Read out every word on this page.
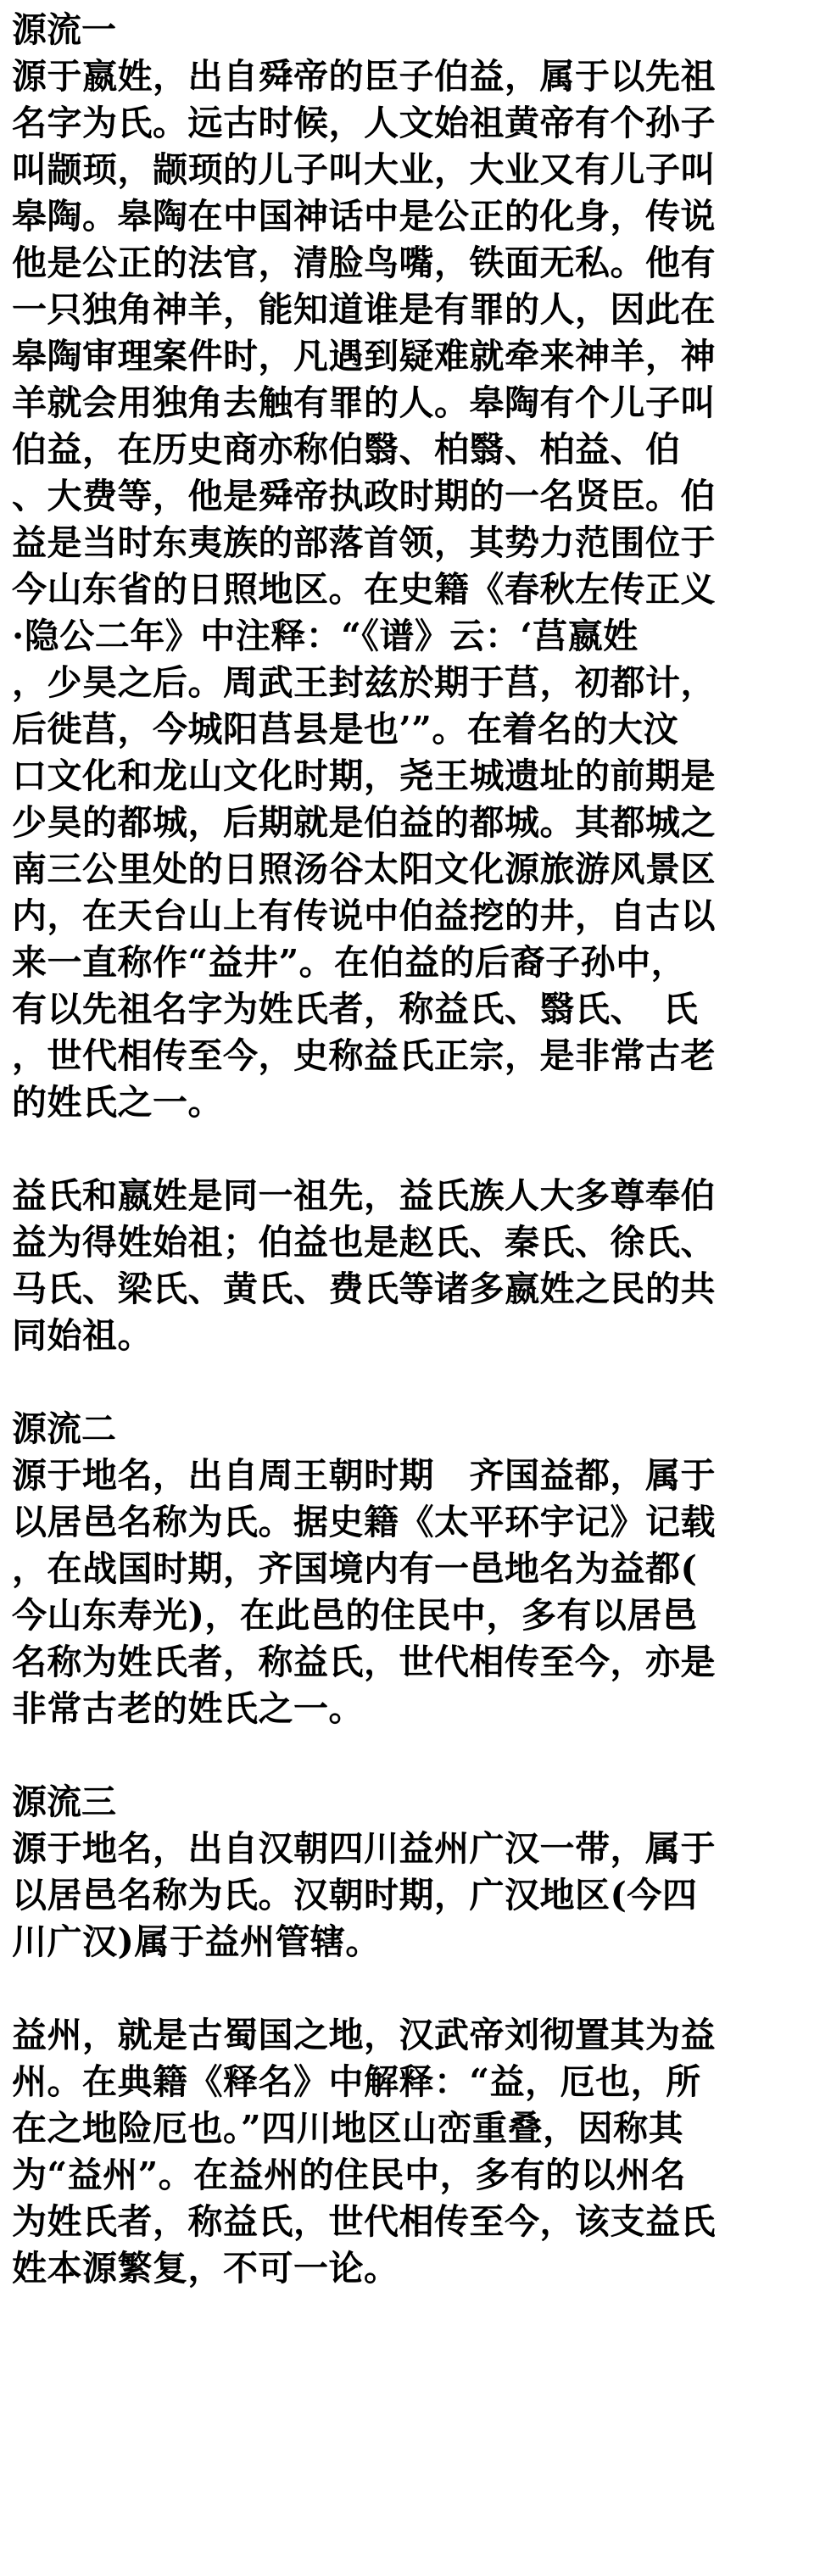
源流一
源于嬴姓，出自舜帝的臣子伯益，属于以先祖
名字为氏。远古时候，人文始祖黄帝有个孙子
叫颛顼，颛顼的儿子叫大业，大业又有儿子叫
皋陶。皋陶在中国神话中是公正的化身，传说
他是公正的法官，清脸鸟嘴，铁面无私。他有
一只独角神羊，能知道谁是有罪的人，因此在
皋陶审理案件时，凡遇到疑难就牵来神羊，神
羊就会用独角去触有罪的人。皋陶有个儿子叫
伯益，在历史商亦称伯翳、柏翳、柏益、伯
、大费等，他是舜帝执政时期的一名贤臣。伯
益是当时东夷族的部落首领，其势力范围位于
今山东省的日照地区。在史籍《春秋左传正义
·隐公二年》中注释：“《谱》云：‘莒嬴姓
，少昊之后。周武王封兹於期于莒，初都计，
后徙莒，今城阳莒县是也’”。在着名的大汶
口文化和龙山文化时期，尧王城遗址的前期是
少昊的都城，后期就是伯益的都城。其都城之
南三公里处的日照汤谷太阳文化源旅游风景区
内，在天台山上有传说中伯益挖的井，自古以
来一直称作“益井”。在伯益的后裔子孙中，
有以先祖名字为姓氏者，称益氏、翳氏、　氏
，世代相传至今，史称益氏正宗，是非常古老
的姓氏之一。
益氏和嬴姓是同一祖先，益氏族人大多尊奉伯
益为得姓始祖；伯益也是赵氏、秦氏、徐氏、
马氏、梁氏、黄氏、费氏等诸多嬴姓之民的共
同始祖。
源流二
源于地名，出自周王朝时期　齐国益都，属于
以居邑名称为氏。据史籍《太平环宇记》记载
，在战国时期，齐国境内有一邑地名为益都(
今山东寿光)，在此邑的住民中，多有以居邑
名称为姓氏者，称益氏，世代相传至今，亦是
非常古老的姓氏之一。
源流三
源于地名，出自汉朝四川益州广汉一带，属于
以居邑名称为氏。汉朝时期，广汉地区(今四
川广汉)属于益州管辖。
益州，就是古蜀国之地，汉武帝刘彻置其为益
州。在典籍《释名》中解释：“益，厄也，所
在之地险厄也。”四川地区山峦重叠，因称其
为“益州”。在益州的住民中，多有的以州名
为姓氏者，称益氏，世代相传至今，该支益氏
姓本源繁复，不可一论。
